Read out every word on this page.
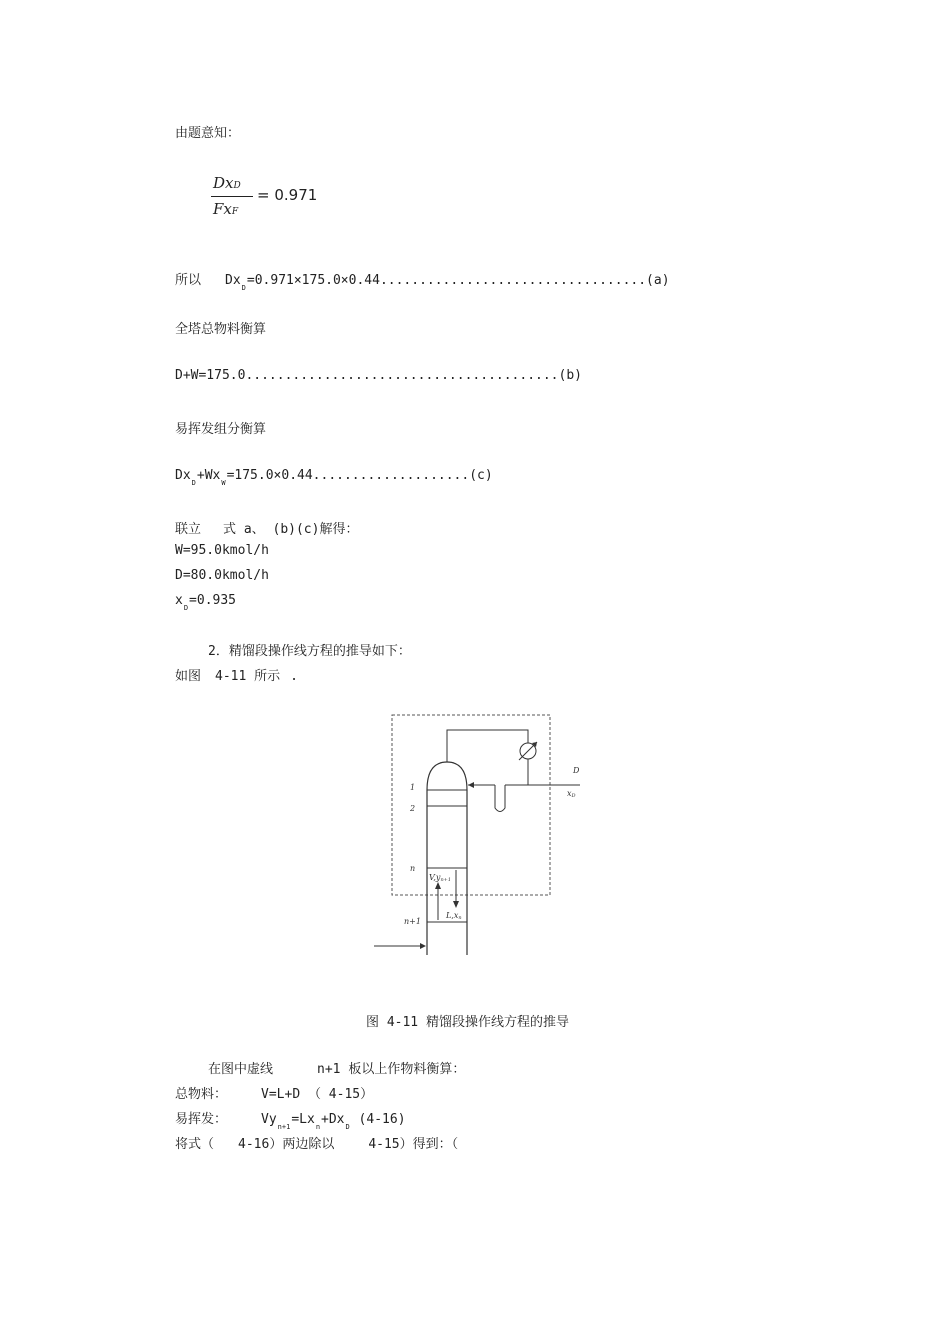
由题意知：
DxD
FxF
= 0.971
所以 $Dx_D=0.971\times 175.0\times 0.44..................................(a)$
全塔总物料衡算
D+W=175.0........................................(b)
易挥发组分衡算
$Dx_D+Wx_W=175.0\times 0.44....................(c)$
联立 式 a、 (b)(c)解得：
W=95.0kmol/h
D=80.0kmol/h
$x_D=0.935$
2．精馏段操作线方程的推导如下：
如图 4-11 所示 .
D
xD
1
2
n
n+1
V,yn+1
L,xn
图 4-11 精馏段操作线方程的推导
在图中虚线	n+1 板以上作物料衡算：
总物料：	V=L+D （ 4-15）
易挥发：	$Vy_{n+1}=Lx_n+Dx_D$ (4-16)
将式（ 4-16）两边除以	4-15）得到：（
